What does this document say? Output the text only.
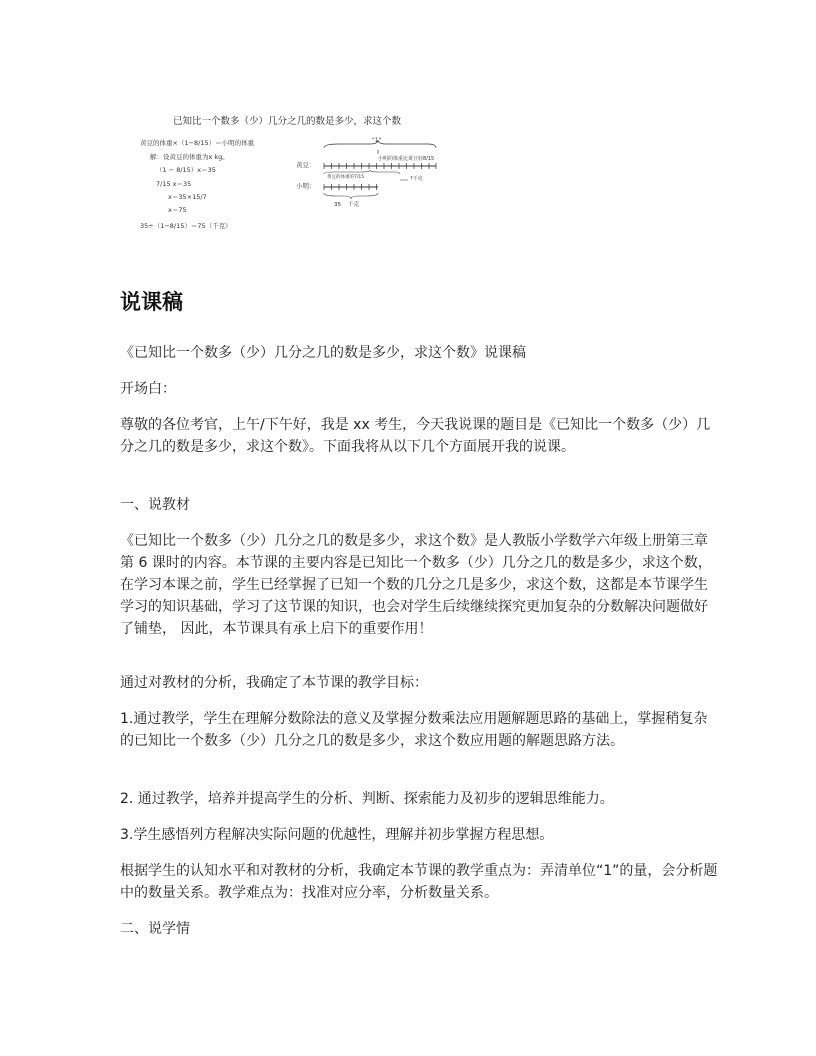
已知比一个数多（少）几分之几的数是多少，求这个数
黄豆的体重×（1−8/15）＝小明的体重
解：设黄豆的体重为x kg。
（1 − 8/15）x＝35
7/15 x＝35
x＝35×15/7
x＝75
35÷（1−8/15）＝75（千克）
"1"
小明的体重比黄豆轻8/15
黄豆：
小明：
黄豆的体重的7/15	?千克
35 千克
说课稿

《已知比一个数多（少）几分之几的数是多少，求这个数》说课稿

开场白：

尊敬的各位考官，上午/下午好，我是 xx 考生，今天我说课的题目是《已知比一个数多（少）几分之几的数是多少，求这个数》。下面我将从以下几个方面展开我的说课。

一、说教材

《已知比一个数多（少）几分之几的数是多少，求这个数》是人教版小学数学六年级上册第三章第 6 课时的内容。本节课的主要内容是已知比一个数多（少）几分之几的数是多少，求这个数，在学习本课之前，学生已经掌握了已知一个数的几分之几是多少，求这个数，这都是本节课学生学习的知识基础，学习了这节课的知识，也会对学生后续继续探究更加复杂的分数解决问题做好了铺垫， 因此，本节课具有承上启下的重要作用！

通过对教材的分析，我确定了本节课的教学目标：

1.通过教学，学生在理解分数除法的意义及掌握分数乘法应用题解题思路的基础上，掌握稍复杂的已知比一个数多（少）几分之几的数是多少，求这个数应用题的解题思路方法。

2. 通过教学，培养并提高学生的分析、判断、探索能力及初步的逻辑思维能力。

3.学生感悟列方程解决实际问题的优越性，理解并初步掌握方程思想。

根据学生的认知水平和对教材的分析，我确定本节课的教学重点为：弄清单位“1”的量，会分析题中的数量关系。教学难点为：找准对应分率，分析数量关系。

二、说学情
